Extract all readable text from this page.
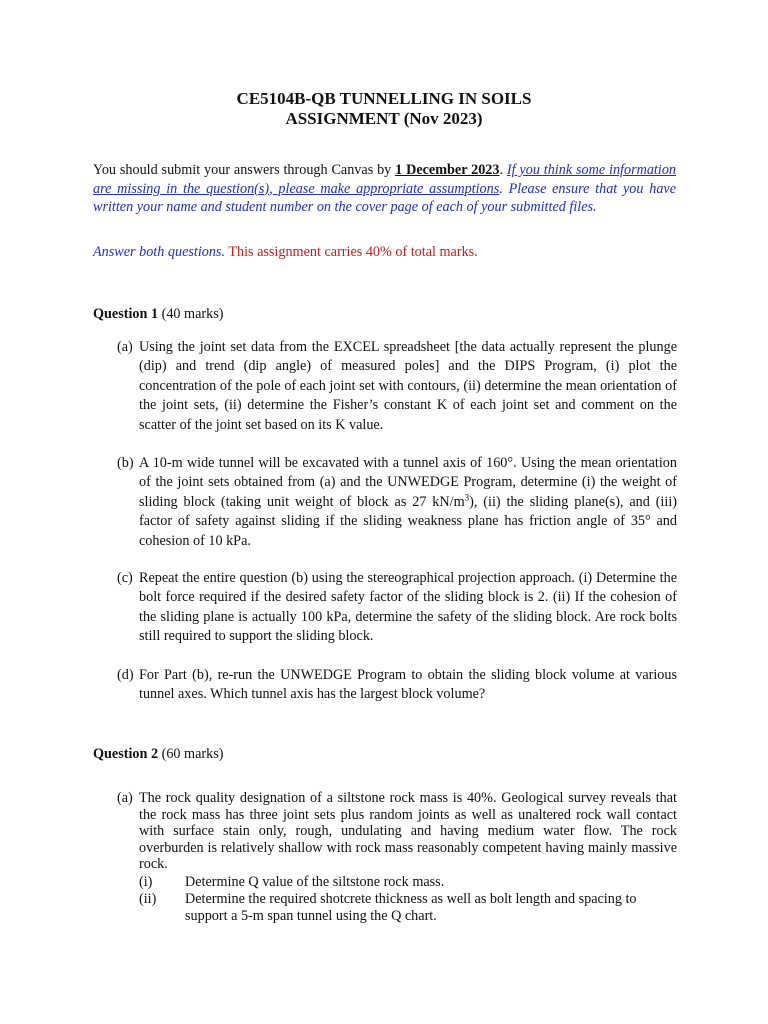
CE5104B-QB TUNNELLING IN SOILS
ASSIGNMENT (Nov 2023)
You should submit your answers through Canvas by 1 December 2023. If you think some information are missing in the question(s), please make appropriate assumptions. Please ensure that you have written your name and student number on the cover page of each of your submitted files.
Answer both questions. This assignment carries 40% of total marks.
Question 1 (40 marks)
(a) Using the joint set data from the EXCEL spreadsheet [the data actually represent the plunge (dip) and trend (dip angle) of measured poles] and the DIPS Program, (i) plot the concentration of the pole of each joint set with contours, (ii) determine the mean orientation of the joint sets, (ii) determine the Fisher’s constant K of each joint set and comment on the scatter of the joint set based on its K value.
(b) A 10-m wide tunnel will be excavated with a tunnel axis of 160°. Using the mean orientation of the joint sets obtained from (a) and the UNWEDGE Program, determine (i) the weight of sliding block (taking unit weight of block as 27 $kN/m^3$), (ii) the sliding plane(s), and (iii) factor of safety against sliding if the sliding weakness plane has friction angle of 35° and cohesion of 10 kPa.
(c) Repeat the entire question (b) using the stereographical projection approach. (i) Determine the bolt force required if the desired safety factor of the sliding block is 2. (ii) If the cohesion of the sliding plane is actually 100 kPa, determine the safety of the sliding block. Are rock bolts still required to support the sliding block.
(d) For Part (b), re-run the UNWEDGE Program to obtain the sliding block volume at various tunnel axes. Which tunnel axis has the largest block volume?
Question 2 (60 marks)
(a) The rock quality designation of a siltstone rock mass is 40%. Geological survey reveals that the rock mass has three joint sets plus random joints as well as unaltered rock wall contact with surface stain only, rough, undulating and having medium water flow. The rock overburden is relatively shallow with rock mass reasonably competent having mainly massive rock.
(i)	Determine Q value of the siltstone rock mass.
(ii)	Determine the required shotcrete thickness as well as bolt length and spacing to support a 5-m span tunnel using the Q chart.
